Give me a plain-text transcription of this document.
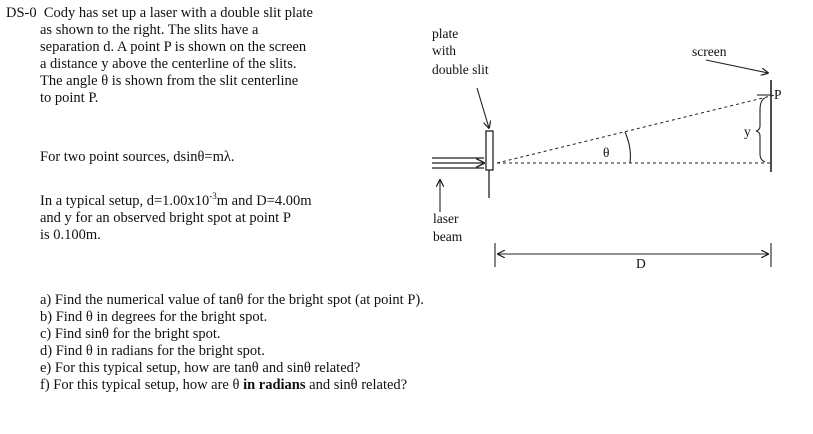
DS-0 Cody has set up a laser with a double slit plate
as shown to the right. The slits have a
separation d. A point P is shown on the screen
a distance y above the centerline of the slits.
The angle θ is shown from the slit centerline
to point P.
For two point sources, dsinθ=mλ.
In a typical setup, $d=1.00x10^{-3}m$ and D=4.00m
and y for an observed bright spot at point P
is 0.100m.
a) Find the numerical value of tanθ for the bright spot (at point P).
b) Find θ in degrees for the bright spot.
c) Find sinθ for the bright spot.
d) Find θ in radians for the bright spot.
e) For this typical setup, how are tanθ and sinθ related?
f) For this typical setup, how are θ in radians and sinθ related?
plate
with
double slit
screen
P
y
θ
laser
beam
D
